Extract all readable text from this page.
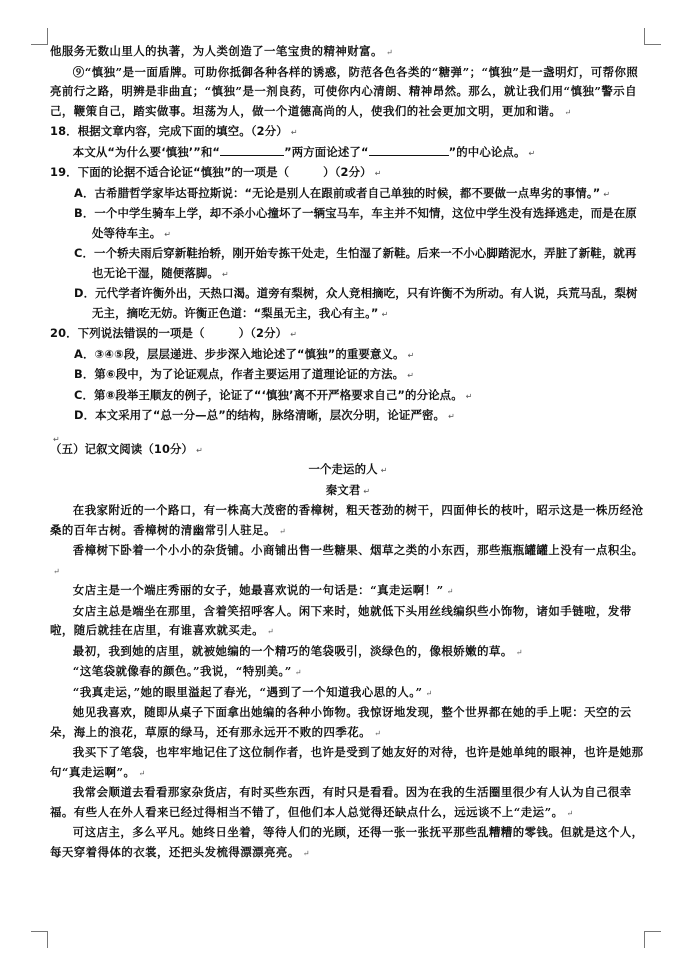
他服务无数山里人的执著，为人类创造了一笔宝贵的精神财富。 ↵

⑨“慎独”是一面盾牌。可助你抵御各种各样的诱惑，防范各色各类的“糖弹”；“慎独”是一盏明灯，可帮你照亮前行之路，明辨是非曲直；“慎独”是一剂良药，可使你内心清朗、精神昂然。那么，就让我们用“慎独”警示自己，鞭策自己，踏实做事。坦荡为人，做一个道德高尚的人，使我们的社会更加文明，更加和谐。 ↵

18．根据文章内容，完成下面的填空。（2分） ↵

本文从“为什么要‘慎独’”和“	”两方面论述了“	”的中心论点。 ↵

19．下面的论据不适合论证“慎独”的一项是（	）（2分） ↵

A．古希腊哲学家毕达哥拉斯说：“无论是别人在跟前或者自己单独的时候，都不要做一点卑劣的事情。” ↵

B．一个中学生骑车上学，却不杀小心撞坏了一辆宝马车，车主并不知情，这位中学生没有选择逃走，而是在原处等待车主。 ↵

C．一个轿夫雨后穿新鞋抬轿，刚开始专拣干处走，生怕湿了新鞋。后来一不小心脚踏泥水，弄脏了新鞋，就再也无论干湿，随便落脚。 ↵

D．元代学者许衡外出，天热口渴。道旁有梨树，众人竞相摘吃，只有许衡不为所动。有人说，兵荒马乱，梨树无主，摘吃无妨。许衡正色道：“梨虽无主，我心有主。” ↵

20．下列说法错误的一项是（	）（2分） ↵

A．③④⑤段，层层递进、步步深入地论述了“慎独”的重要意义。 ↵

B．第⑥段中，为了论证观点，作者主要运用了道理论证的方法。 ↵

C．第⑧段举王顺友的例子，论证了“‘慎独’离不开严格要求自己”的分论点。 ↵

D．本文采用了“总一分—总”的结构，脉络清晰，层次分明，论证严密。 ↵

↵

（五）记叙文阅读（10分） ↵

一个走运的人 ↵

秦文君 ↵

在我家附近的一个路口，有一株高大茂密的香樟树，粗天苍劲的树干，四面伸长的枝叶，昭示这是一株历经沧桑的百年古树。香樟树的清幽常引人驻足。 ↵

香樟树下卧着一个小小的杂货铺。小商铺出售一些糖果、烟草之类的小东西，那些瓶瓶罐罐上没有一点积尘。↵

女店主是一个端庄秀丽的女子，她最喜欢说的一句话是：“真走运啊！” ↵

女店主总是端坐在那里，含着笑招呼客人。闲下来时，她就低下头用丝线编织些小饰物，诸如手链啦，发带啦，随后就挂在店里，有谁喜欢就买走。 ↵

最初，我到她的店里，就被她编的一个精巧的笔袋吸引，淡绿色的，像根娇嫩的草。 ↵

“这笔袋就像春的颜色。”我说，“特别美。” ↵

“我真走运，”她的眼里溢起了春光，“遇到了一个知道我心思的人。” ↵

她见我喜欢，随即从桌子下面拿出她编的各种小饰物。我惊讶地发现，整个世界都在她的手上呢：天空的云朵，海上的浪花，草原的绿马，还有那永远开不败的四季花。 ↵

我买下了笔袋，也牢牢地记住了这位制作者，也许是受到了她友好的对待，也许是她单纯的眼神，也许是她那句“真走运啊”。 ↵

我常会顺道去看看那家杂货店，有时买些东西，有时只是看看。因为在我的生活圈里很少有人认为自己很幸福。有些人在外人看来已经过得相当不错了，但他们本人总觉得还缺点什么，远远谈不上“走运”。 ↵

可这店主，多么平凡。她终日坐着，等待人们的光顾，还得一张一张抚平那些乱糟糟的零钱。但就是这个人，每天穿着得体的衣裳，还把头发梳得漂漂亮亮。 ↵
